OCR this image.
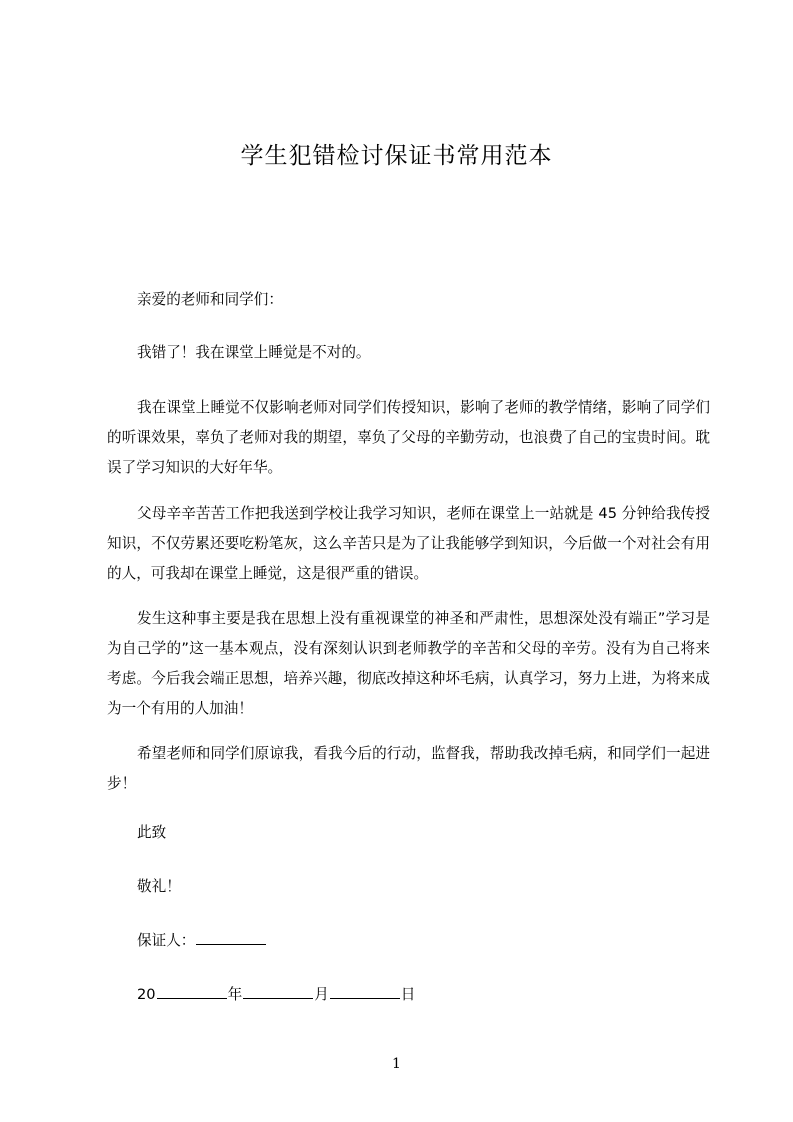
学生犯错检讨保证书常用范本
亲爱的老师和同学们：

我错了！我在课堂上睡觉是不对的。

我在课堂上睡觉不仅影响老师对同学们传授知识，影响了老师的教学情绪，影响了同学们的听课效果，辜负了老师对我的期望，辜负了父母的辛勤劳动，也浪费了自己的宝贵时间。耽误了学习知识的大好年华。

父母辛辛苦苦工作把我送到学校让我学习知识，老师在课堂上一站就是 45 分钟给我传授知识，不仅劳累还要吃粉笔灰，这么辛苦只是为了让我能够学到知识，今后做一个对社会有用的人，可我却在课堂上睡觉，这是很严重的错误。

发生这种事主要是我在思想上没有重视课堂的神圣和严肃性，思想深处没有端正”学习是为自己学的”这一基本观点，没有深刻认识到老师教学的辛苦和父母的辛劳。没有为自己将来考虑。今后我会端正思想，培养兴趣，彻底改掉这种坏毛病，认真学习，努力上进，为将来成为一个有用的人加油！

希望老师和同学们原谅我，看我今后的行动，监督我，帮助我改掉毛病，和同学们一起进步！

此致
敬礼！
保证人：
20	年	月	日
1
